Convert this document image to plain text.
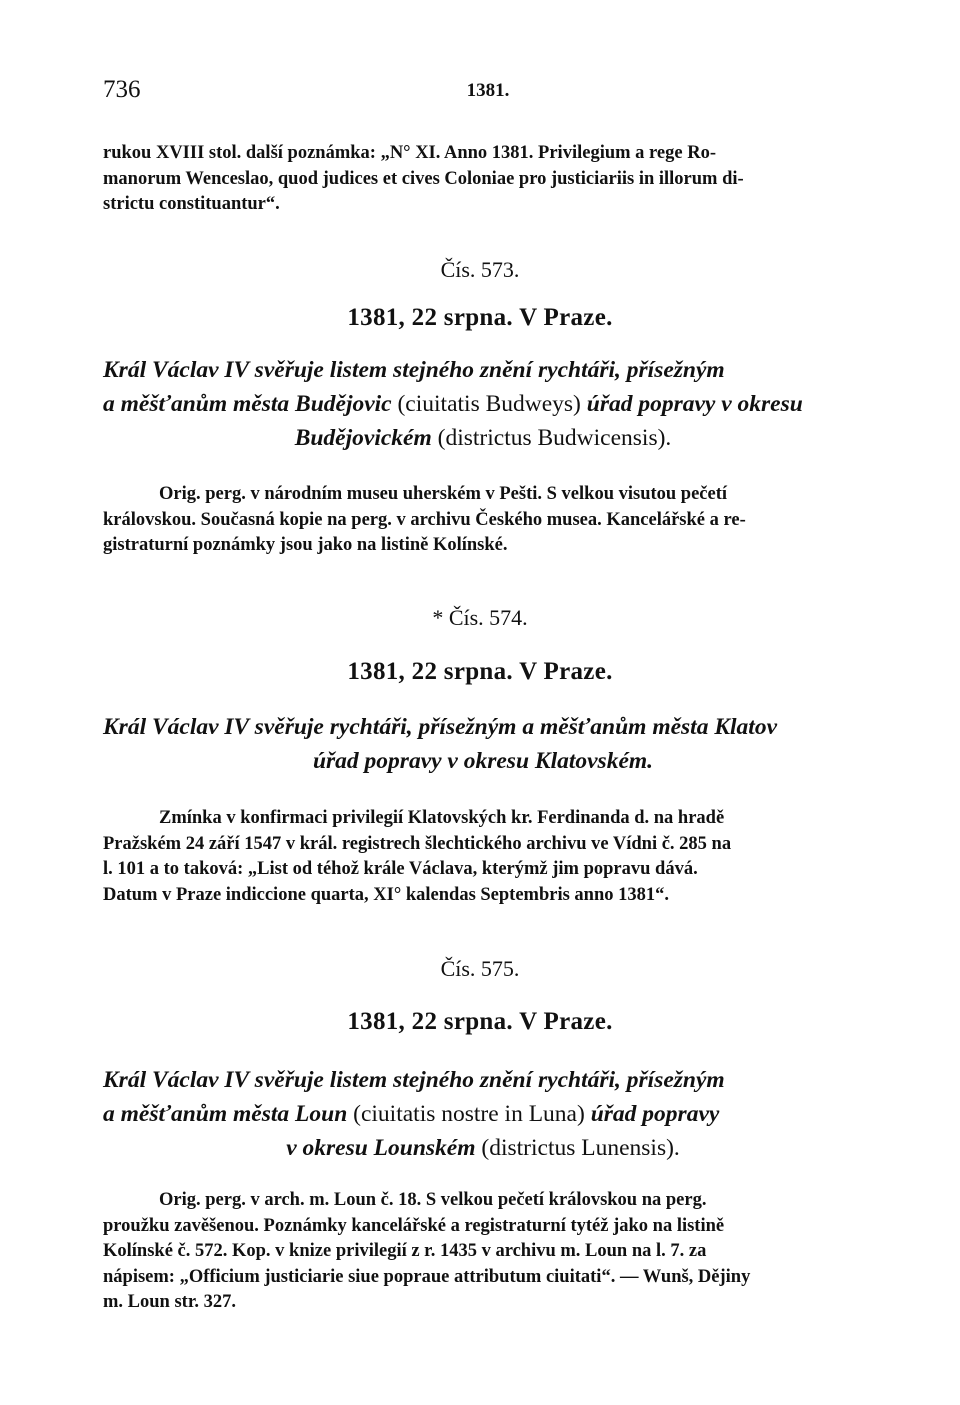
736	1381.
rukou XVIII stol. další poznámka: „N° XI. Anno 1381. Privilegium a rege Ro-
manorum Wenceslao, quod judices et cives Coloniae pro justiciariis in illorum di-
strictu constituantur“.
Čís. 573.
1381, 22 srpna. V Praze.
Král Václav IV svěřuje listem stejného znění rychtáři, přísežným
a měšťanům města Budějovic (ciuitatis Budweys) úřad popravy v okresu
Budějovickém (districtus Budwicensis).
Orig. perg. v národním museu uherském v Pešti. S velkou visutou pečetí
královskou. Současná kopie na perg. v archivu Českého musea. Kancelářské a re-
gistraturní poznámky jsou jako na listině Kolínské.
* Čís. 574.
1381, 22 srpna. V Praze.
Král Václav IV svěřuje rychtáři, přísežným a měšťanům města Klatov
úřad popravy v okresu Klatovském.
Zmínka v konfirmaci privilegií Klatovských kr. Ferdinanda d. na hradě
Pražském 24 září 1547 v král. registrech šlechtického archivu ve Vídni č. 285 na
l. 101 a to taková: „List od téhož krále Václava, kterýmž jim popravu dává.
Datum v Praze indiccione quarta, XI° kalendas Septembris anno 1381“.
Čís. 575.
1381, 22 srpna. V Praze.
Král Václav IV svěřuje listem stejného znění rychtáři, přísežným
a měšťanům města Loun (ciuitatis nostre in Luna) úřad popravy
v okresu Lounském (districtus Lunensis).
Orig. perg. v arch. m. Loun č. 18. S velkou pečetí královskou na perg.
proužku zavěšenou. Poznámky kancelářské a registraturní tytéž jako na listině
Kolínské č. 572. Kop. v knize privilegií z r. 1435 v archivu m. Loun na l. 7. za
nápisem: „Officium justiciarie siue popraue attributum ciuitati“. — Wunš, Dějiny
m. Loun str. 327.
